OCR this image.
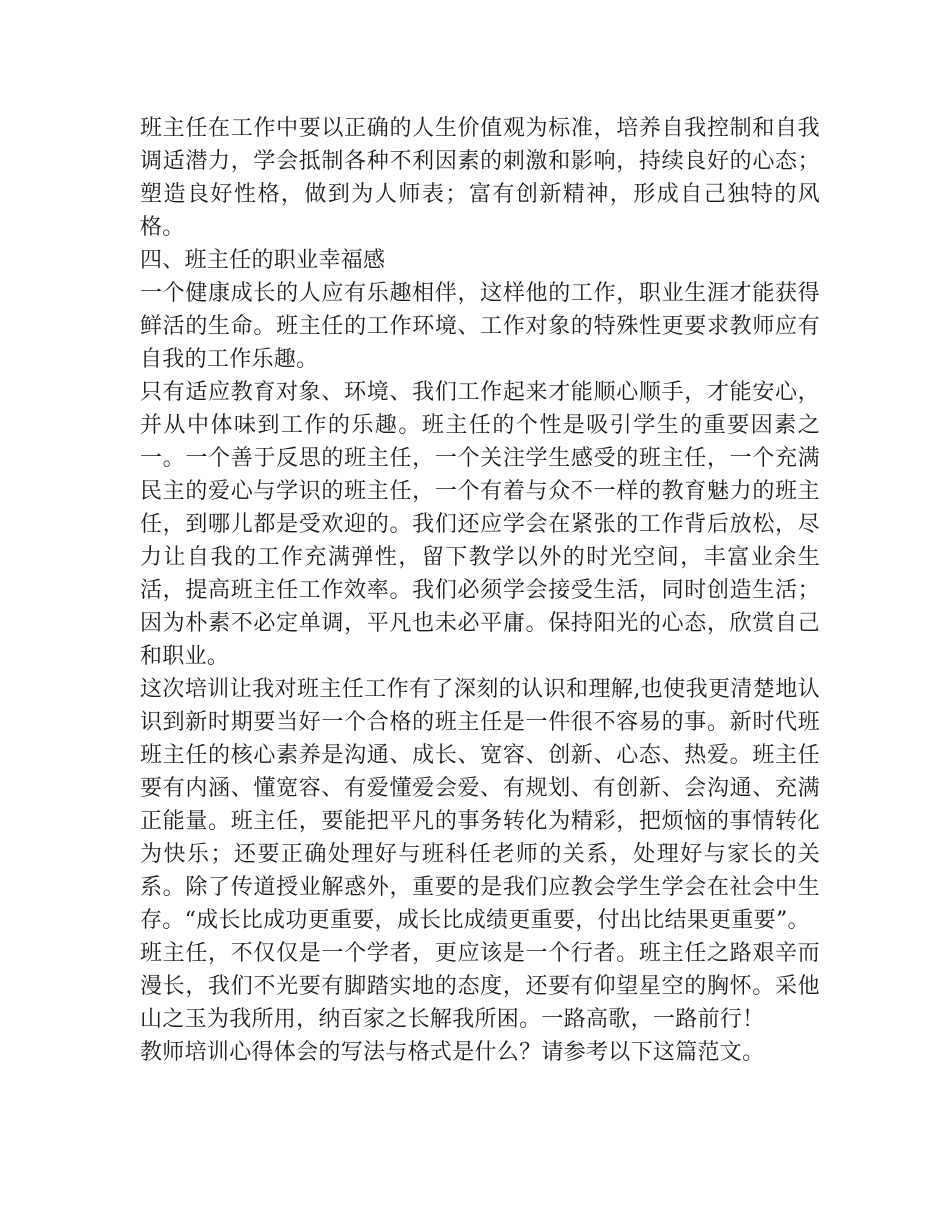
班主任在工作中要以正确的人生价值观为标准，培养自我控制和自我调适潜力，学会抵制各种不利因素的刺激和影响，持续良好的心态；塑造良好性格，做到为人师表；富有创新精神，形成自己独特的风格。

四、班主任的职业幸福感

一个健康成长的人应有乐趣相伴，这样他的工作，职业生涯才能获得鲜活的生命。班主任的工作环境、工作对象的特殊性更要求教师应有自我的工作乐趣。

只有适应教育对象、环境、我们工作起来才能顺心顺手，才能安心，并从中体味到工作的乐趣。班主任的个性是吸引学生的重要因素之一。一个善于反思的班主任，一个关注学生感受的班主任，一个充满民主的爱心与学识的班主任，一个有着与众不一样的教育魅力的班主任，到哪儿都是受欢迎的。我们还应学会在紧张的工作背后放松，尽力让自我的工作充满弹性，留下教学以外的时光空间，丰富业余生活，提高班主任工作效率。我们必须学会接受生活，同时创造生活；因为朴素不必定单调，平凡也未必平庸。保持阳光的心态，欣赏自己和职业。

这次培训让我对班主任工作有了深刻的认识和理解,也使我更清楚地认识到新时期要当好一个合格的班主任是一件很不容易的事。新时代班班主任的核心素养是沟通、成长、宽容、创新、心态、热爱。班主任要有内涵、懂宽容、有爱懂爱会爱、有规划、有创新、会沟通、充满正能量。班主任，要能把平凡的事务转化为精彩，把烦恼的事情转化为快乐；还要正确处理好与班科任老师的关系，处理好与家长的关系。除了传道授业解惑外，重要的是我们应教会学生学会在社会中生存。“成长比成功更重要，成长比成绩更重要，付出比结果更重要”。

班主任，不仅仅是一个学者，更应该是一个行者。班主任之路艰辛而漫长，我们不光要有脚踏实地的态度，还要有仰望星空的胸怀。采他山之玉为我所用，纳百家之长解我所困。一路高歌，一路前行！

教师培训心得体会的写法与格式是什么？请参考以下这篇范文。
